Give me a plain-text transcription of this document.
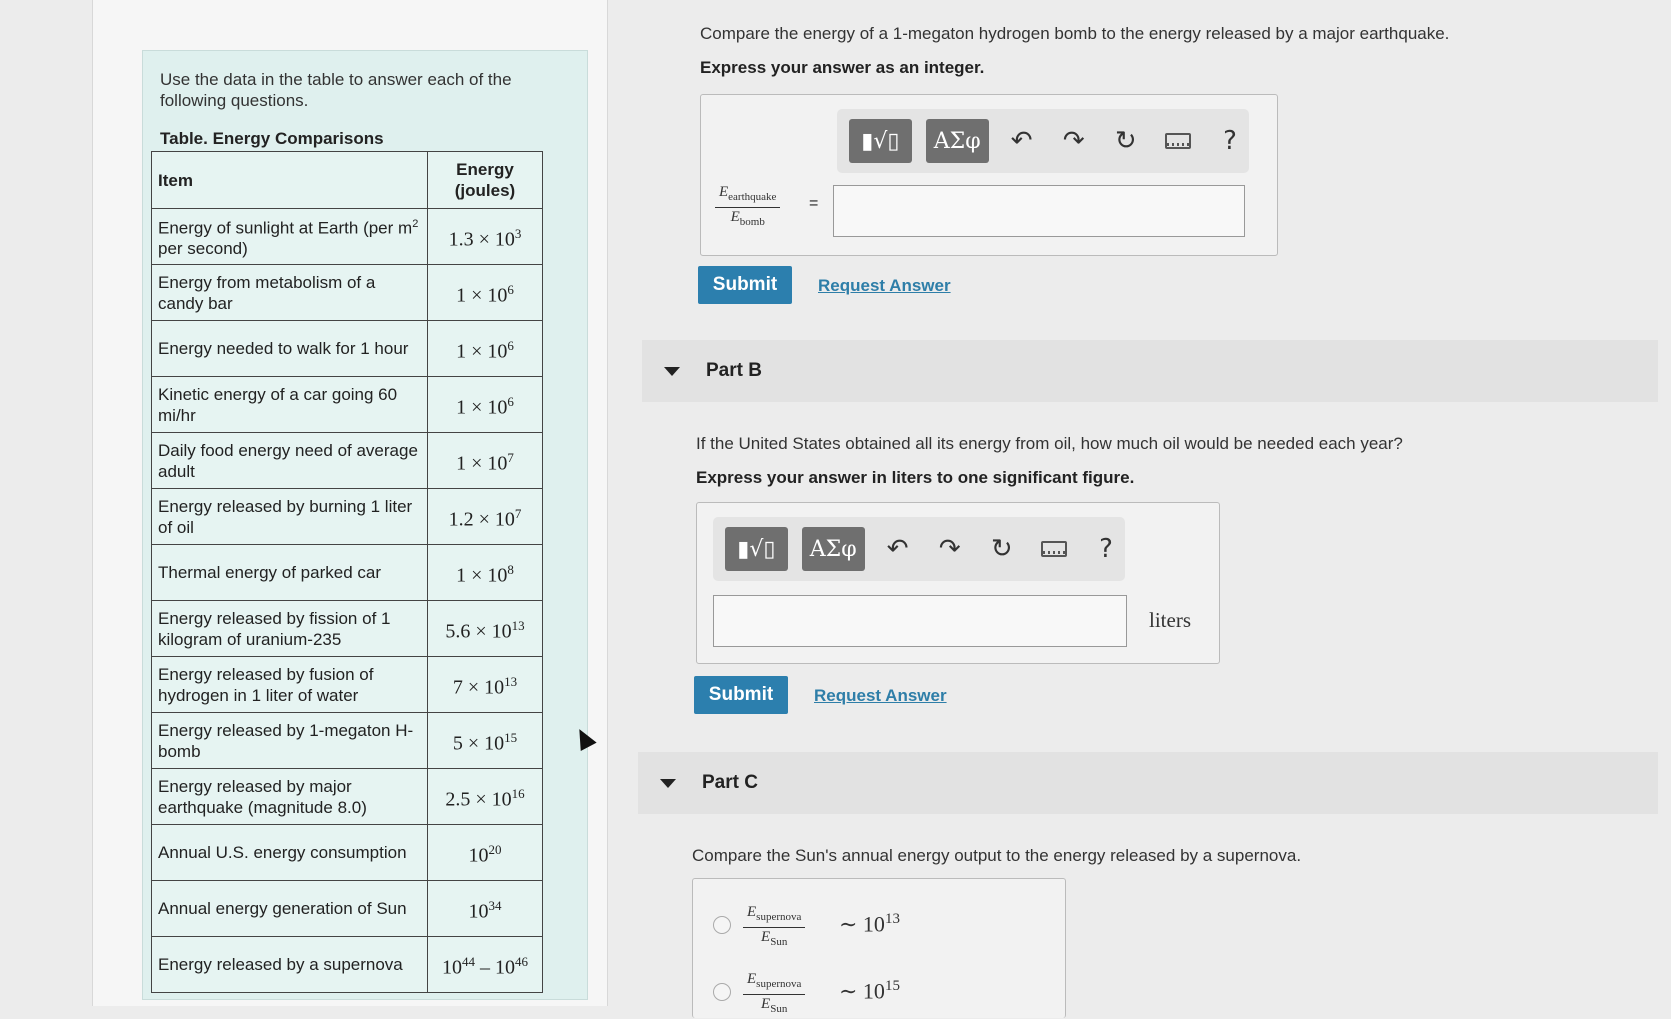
Use the data in the table to answer each of the following questions.
Table. Energy Comparisons
Item	Energy (joules)
Energy of sunlight at Earth (per $m^2$ per second)	$1.3 \times 10^3$
Energy from metabolism of a candy bar	$1 \times 10^6$
Energy needed to walk for 1 hour	$1 \times 10^6$
Kinetic energy of a car going 60 mi/hr	$1 \times 10^6$
Daily food energy need of average adult	$1 \times 10^7$
Energy released by burning 1 liter of oil	$1.2 \times 10^7$
Thermal energy of parked car	$1 \times 10^8$
Energy released by fission of 1 kilogram of uranium-235	$5.6 \times 10^{13}$
Energy released by fusion of hydrogen in 1 liter of water	$7 \times 10^{13}$
Energy released by 1-megaton H-bomb	$5 \times 10^{15}$
Energy released by major earthquake (magnitude 8.0)	$2.5 \times 10^{16}$
Annual U.S. energy consumption	$10^{20}$
Annual energy generation of Sun	$10^{34}$
Energy released by a supernova	$10^{44} - 10^{46}$
Compare the energy of a 1-megaton hydrogen bomb to the energy released by a major earthquake.
Express your answer as an integer.
▮√▯	ΑΣφ	↶	↷	↻	?
$E_{earthquake}$
$E_{bomb}$
=
Submit	Request Answer
Part B
If the United States obtained all its energy from oil, how much oil would be needed each year?
Express your answer in liters to one significant figure.
▮√▯	ΑΣφ	↶	↷	↻	?
liters
Submit	Request Answer
Part C
Compare the Sun's annual energy output to the energy released by a supernova.
$E_{supernova}$
$E_{Sun}$
∼ $10^{13}$
$E_{supernova}$
$E_{Sun}$
∼ $10^{15}$
